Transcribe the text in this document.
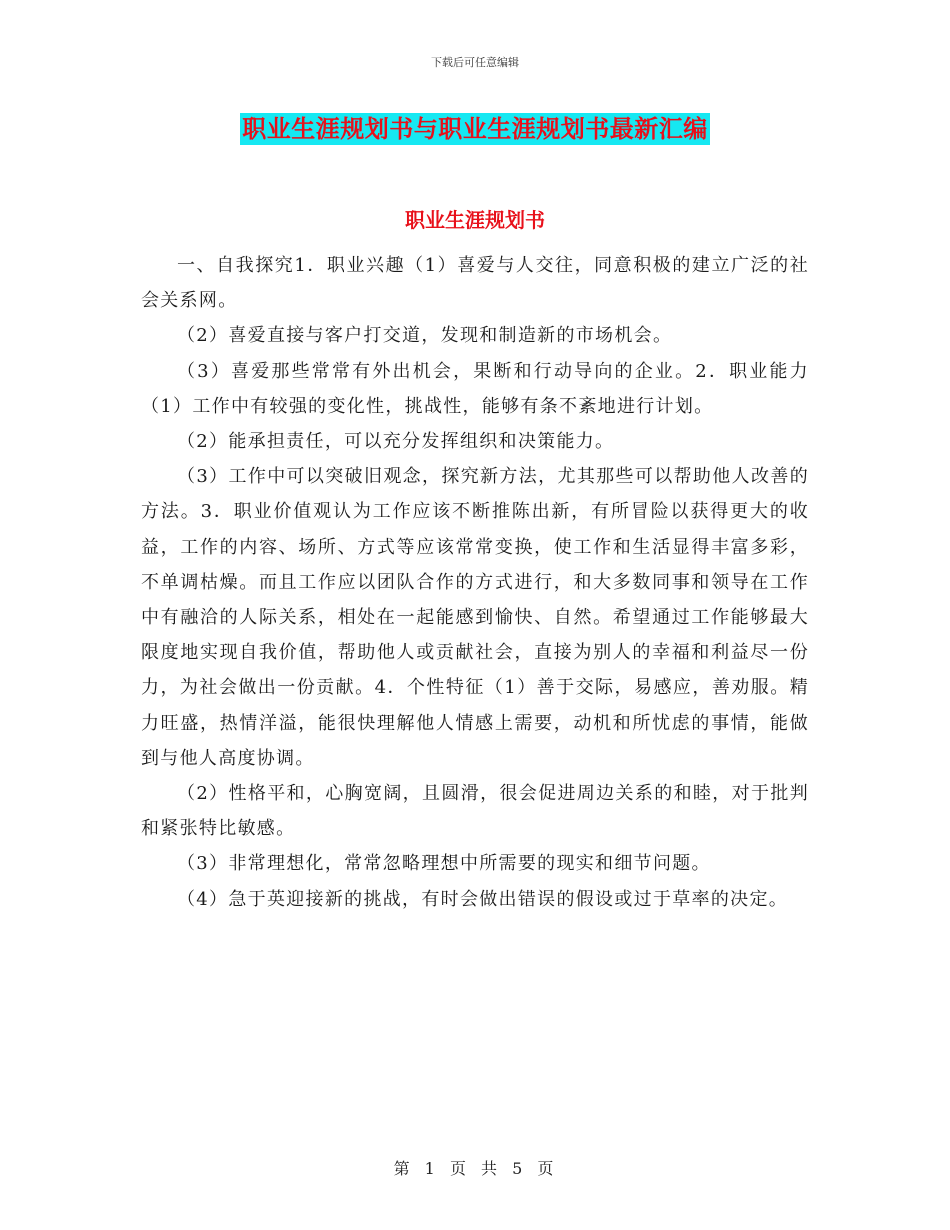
下载后可任意编辑
职业生涯规划书与职业生涯规划书最新汇编
职业生涯规划书

一、自我探究1．职业兴趣（1）喜爱与人交往，同意积极的建立广泛的社会关系网。

（2）喜爱直接与客户打交道，发现和制造新的市场机会。

（3）喜爱那些常常有外出机会，果断和行动导向的企业。2．职业能力（1）工作中有较强的变化性，挑战性，能够有条不紊地进行计划。

（2）能承担责任，可以充分发挥组织和决策能力。

（3）工作中可以突破旧观念，探究新方法，尤其那些可以帮助他人改善的方法。3．职业价值观认为工作应该不断推陈出新，有所冒险以获得更大的收益，工作的内容、场所、方式等应该常常变换，使工作和生活显得丰富多彩，不单调枯燥。而且工作应以团队合作的方式进行，和大多数同事和领导在工作中有融洽的人际关系，相处在一起能感到愉快、自然。希望通过工作能够最大限度地实现自我价值，帮助他人或贡献社会，直接为别人的幸福和利益尽一份力，为社会做出一份贡献。4．个性特征（1）善于交际，易感应，善劝服。精力旺盛，热情洋溢，能很快理解他人情感上需要，动机和所忧虑的事情，能做到与他人高度协调。

（2）性格平和，心胸宽阔，且圆滑，很会促进周边关系的和睦，对于批判和紧张特比敏感。

（3）非常理想化，常常忽略理想中所需要的现实和细节问题。

（4）急于英迎接新的挑战，有时会做出错误的假设或过于草率的决定。

第 1 页 共 5 页
